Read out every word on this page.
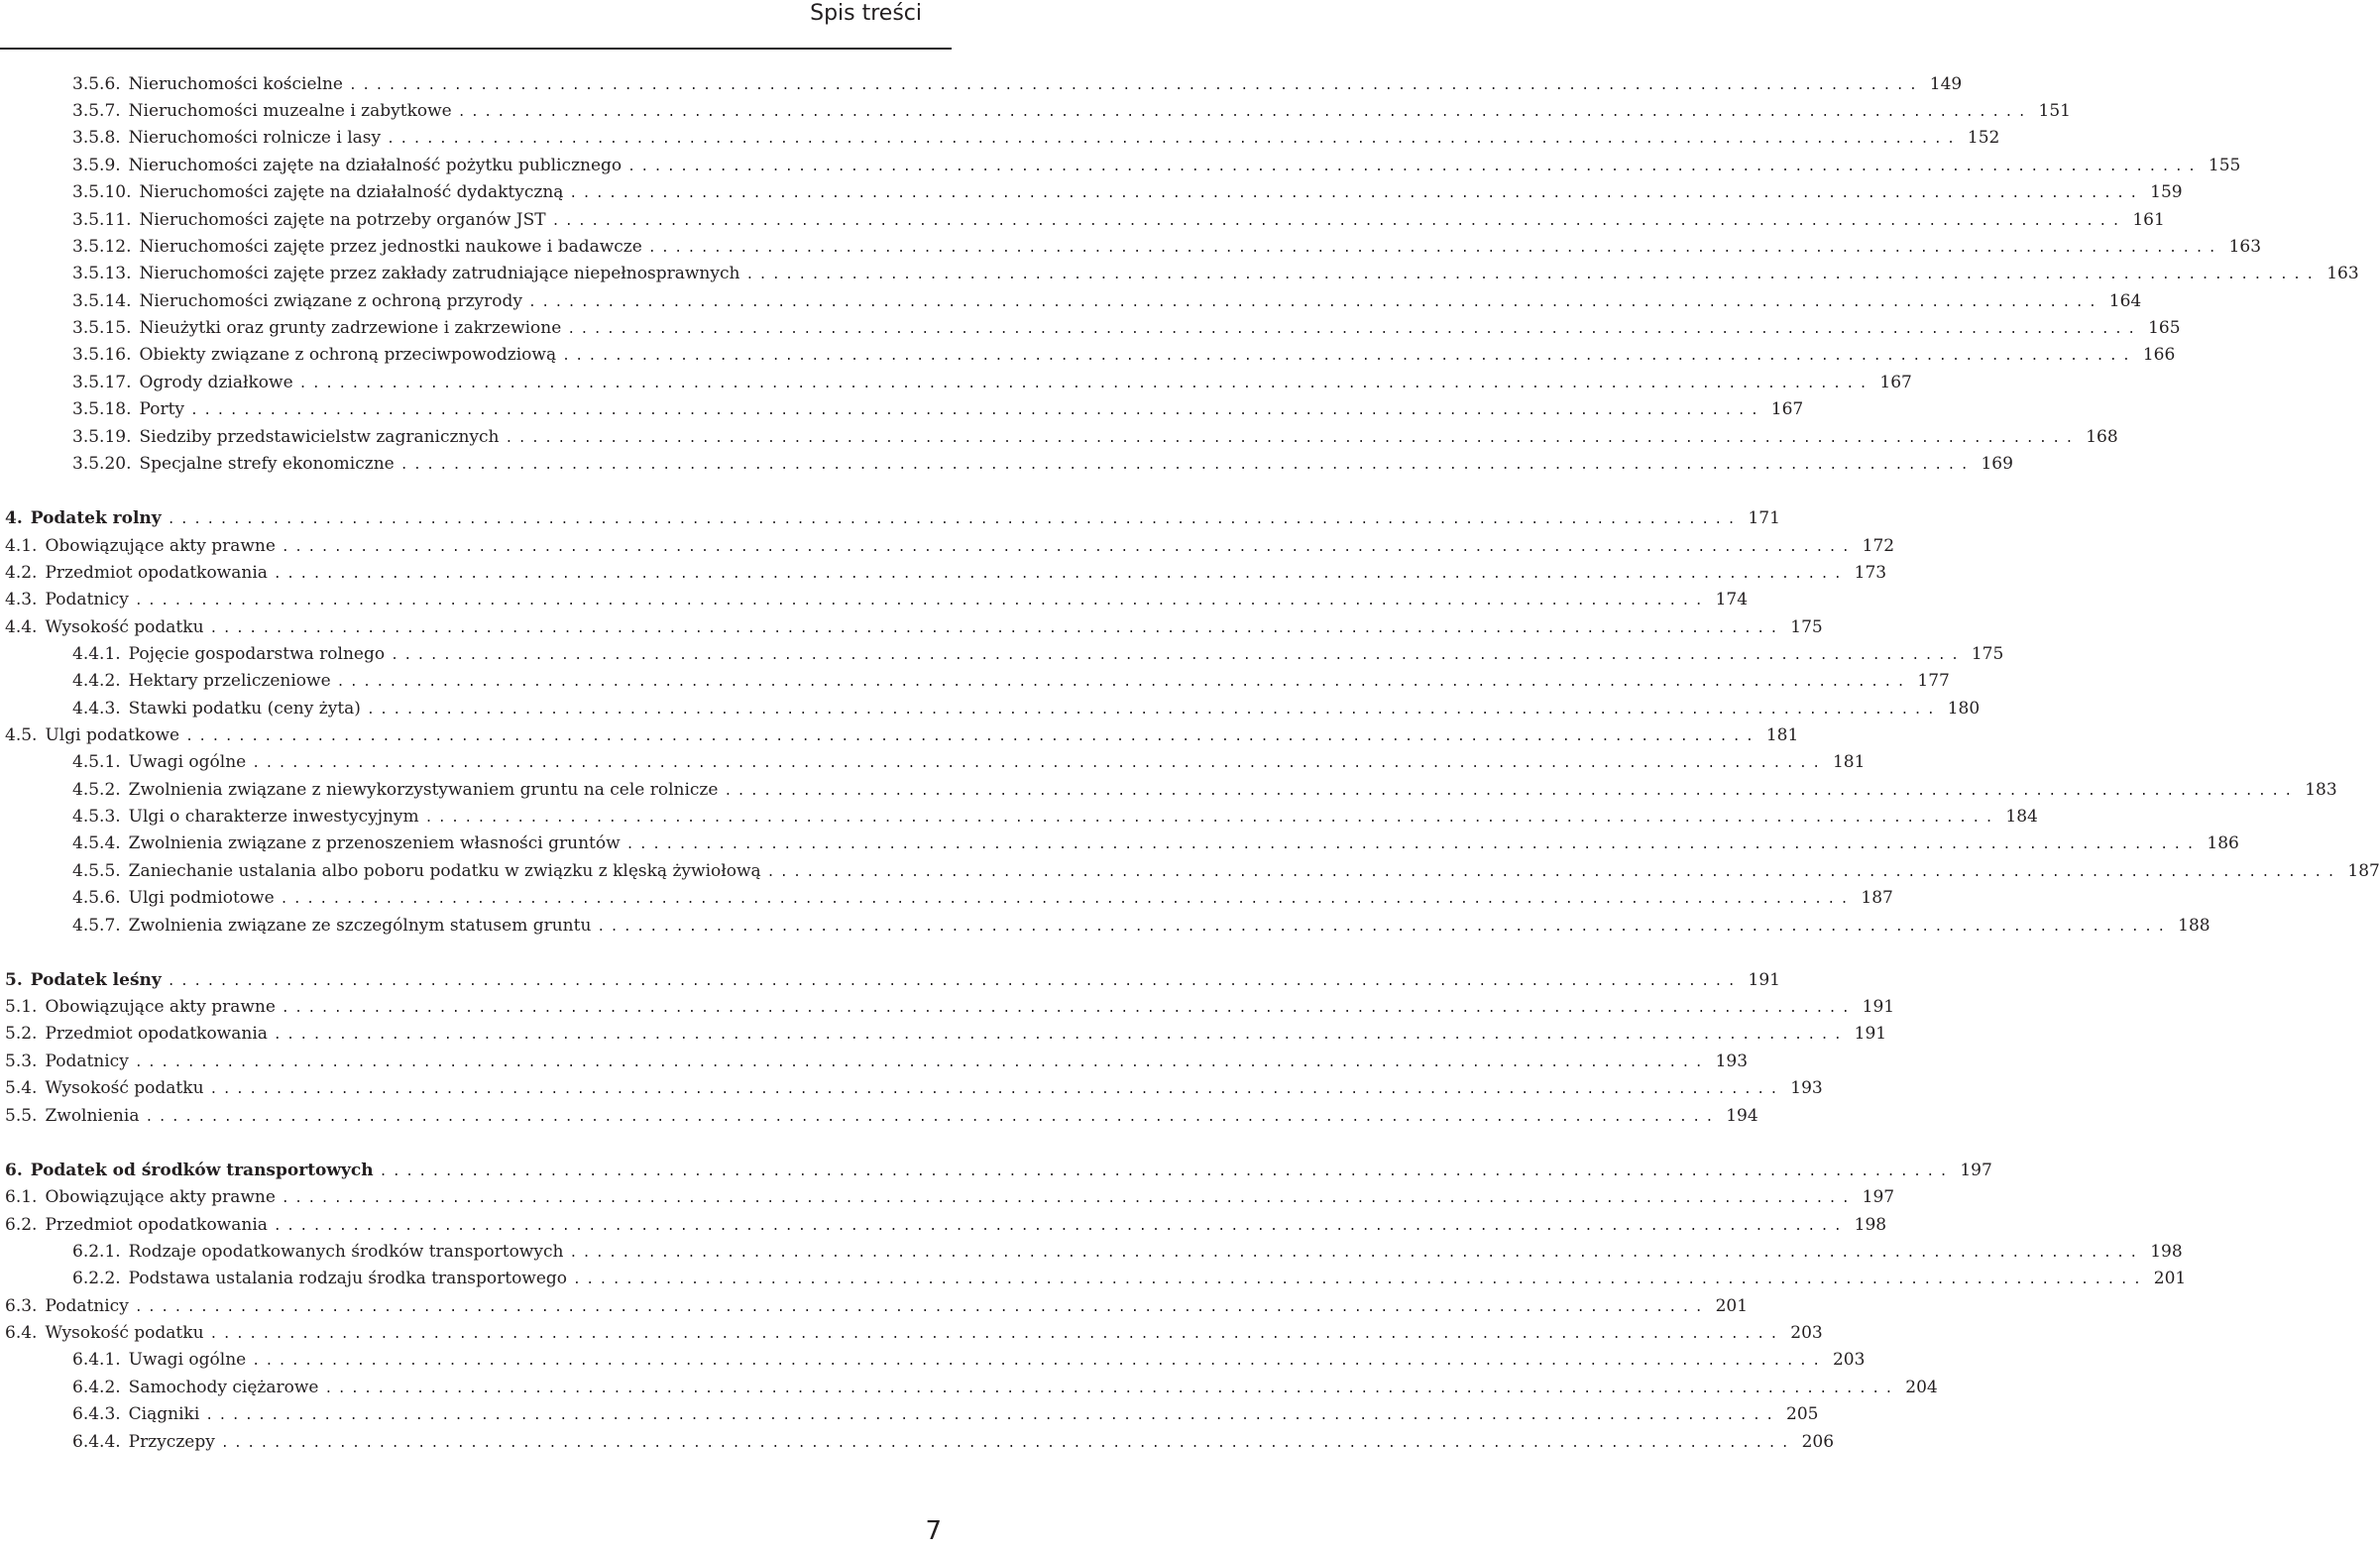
Spis treści
3.5.6. Nieruchomości kościelne ........................................................................................................................ 149
3.5.7. Nieruchomości muzealne i zabytkowe ........................................................................................................................ 151
3.5.8. Nieruchomości rolnicze i lasy ........................................................................................................................ 152
3.5.9. Nieruchomości zajęte na działalność pożytku publicznego ........................................................................................................................ 155
3.5.10. Nieruchomości zajęte na działalność dydaktyczną ........................................................................................................................ 159
3.5.11. Nieruchomości zajęte na potrzeby organów JST ........................................................................................................................ 161
3.5.12. Nieruchomości zajęte przez jednostki naukowe i badawcze ........................................................................................................................ 163
3.5.13. Nieruchomości zajęte przez zakłady zatrudniające niepełnosprawnych ........................................................................................................................ 163
3.5.14. Nieruchomości związane z ochroną przyrody ........................................................................................................................ 164
3.5.15. Nieużytki oraz grunty zadrzewione i zakrzewione ........................................................................................................................ 165
3.5.16. Obiekty związane z ochroną przeciwpowodziową ........................................................................................................................ 166
3.5.17. Ogrody działkowe ........................................................................................................................ 167
3.5.18. Porty ........................................................................................................................ 167
3.5.19. Siedziby przedstawicielstw zagranicznych ........................................................................................................................ 168
3.5.20. Specjalne strefy ekonomiczne ........................................................................................................................ 169
4. Podatek rolny ........................................................................................................................ 171
4.1. Obowiązujące akty prawne ........................................................................................................................ 172
4.2. Przedmiot opodatkowania ........................................................................................................................ 173
4.3. Podatnicy ........................................................................................................................ 174
4.4. Wysokość podatku ........................................................................................................................ 175
4.4.1. Pojęcie gospodarstwa rolnego ........................................................................................................................ 175
4.4.2. Hektary przeliczeniowe ........................................................................................................................ 177
4.4.3. Stawki podatku (ceny żyta) ........................................................................................................................ 180
4.5. Ulgi podatkowe ........................................................................................................................ 181
4.5.1. Uwagi ogólne ........................................................................................................................ 181
4.5.2. Zwolnienia związane z niewykorzystywaniem gruntu na cele rolnicze ........................................................................................................................ 183
4.5.3. Ulgi o charakterze inwestycyjnym ........................................................................................................................ 184
4.5.4. Zwolnienia związane z przenoszeniem własności gruntów ........................................................................................................................ 186
4.5.5. Zaniechanie ustalania albo poboru podatku w związku z klęską żywiołową ........................................................................................................................ 187
4.5.6. Ulgi podmiotowe ........................................................................................................................ 187
4.5.7. Zwolnienia związane ze szczególnym statusem gruntu ........................................................................................................................ 188
5. Podatek leśny ........................................................................................................................ 191
5.1. Obowiązujące akty prawne ........................................................................................................................ 191
5.2. Przedmiot opodatkowania ........................................................................................................................ 191
5.3. Podatnicy ........................................................................................................................ 193
5.4. Wysokość podatku ........................................................................................................................ 193
5.5. Zwolnienia ........................................................................................................................ 194
6. Podatek od środków transportowych ........................................................................................................................ 197
6.1. Obowiązujące akty prawne ........................................................................................................................ 197
6.2. Przedmiot opodatkowania ........................................................................................................................ 198
6.2.1. Rodzaje opodatkowanych środków transportowych ........................................................................................................................ 198
6.2.2. Podstawa ustalania rodzaju środka transportowego ........................................................................................................................ 201
6.3. Podatnicy ........................................................................................................................ 201
6.4. Wysokość podatku ........................................................................................................................ 203
6.4.1. Uwagi ogólne ........................................................................................................................ 203
6.4.2. Samochody ciężarowe ........................................................................................................................ 204
6.4.3. Ciągniki ........................................................................................................................ 205
6.4.4. Przyczepy ........................................................................................................................ 206
7
